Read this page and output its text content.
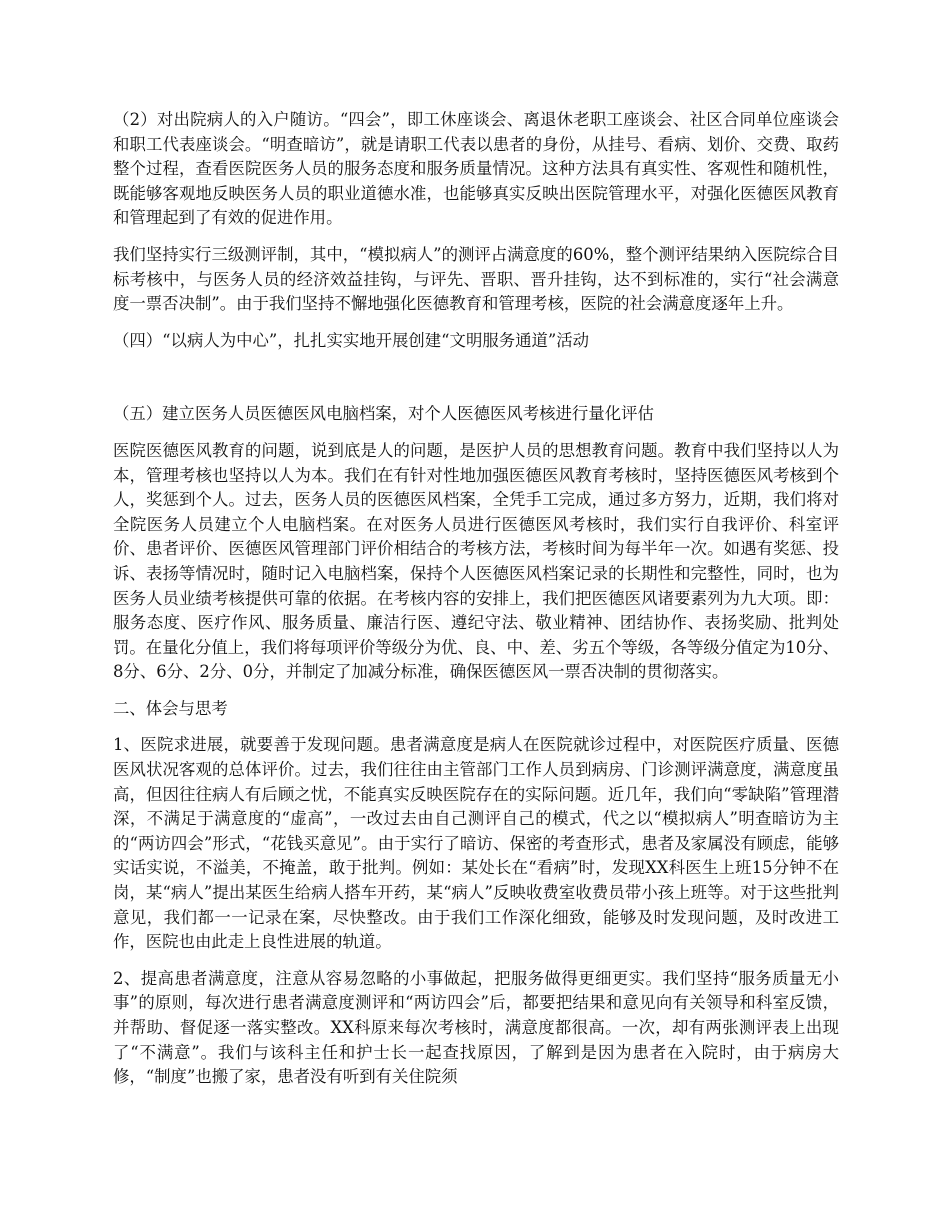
（2）对出院病人的入户随访。“四会”，即工休座谈会、离退休老职工座谈会、社区合同单位座谈会和职工代表座谈会。“明查暗访”，就是请职工代表以患者的身份，从挂号、看病、划价、交费、取药整个过程，查看医院医务人员的服务态度和服务质量情况。这种方法具有真实性、客观性和随机性，既能够客观地反映医务人员的职业道德水准，也能够真实反映出医院管理水平，对强化医德医风教育和管理起到了有效的促进作用。

我们坚持实行三级测评制，其中，“模拟病人”的测评占满意度的60%，整个测评结果纳入医院综合目标考核中，与医务人员的经济效益挂钩，与评先、晋职、晋升挂钩，达不到标准的，实行“社会满意度一票否决制”。由于我们坚持不懈地强化医德教育和管理考核，医院的社会满意度逐年上升。

（四）“以病人为中心”，扎扎实实地开展创建“文明服务通道”活动

（五）建立医务人员医德医风电脑档案，对个人医德医风考核进行量化评估

医院医德医风教育的问题，说到底是人的问题，是医护人员的思想教育问题。教育中我们坚持以人为本，管理考核也坚持以人为本。我们在有针对性地加强医德医风教育考核时，坚持医德医风考核到个人，奖惩到个人。过去，医务人员的医德医风档案，全凭手工完成，通过多方努力，近期，我们将对全院医务人员建立个人电脑档案。在对医务人员进行医德医风考核时，我们实行自我评价、科室评价、患者评价、医德医风管理部门评价相结合的考核方法，考核时间为每半年一次。如遇有奖惩、投诉、表扬等情况时，随时记入电脑档案，保持个人医德医风档案记录的长期性和完整性，同时，也为医务人员业绩考核提供可靠的依据。在考核内容的安排上，我们把医德医风诸要素列为九大项。即：服务态度、医疗作风、服务质量、廉洁行医、遵纪守法、敬业精神、团结协作、表扬奖励、批判处罚。在量化分值上，我们将每项评价等级分为优、良、中、差、劣五个等级，各等级分值定为10分、8分、6分、2分、0分，并制定了加减分标准，确保医德医风一票否决制的贯彻落实。

二、体会与思考

1、医院求进展，就要善于发现问题。患者满意度是病人在医院就诊过程中，对医院医疗质量、医德医风状况客观的总体评价。过去，我们往往由主管部门工作人员到病房、门诊测评满意度，满意度虽高，但因往往病人有后顾之忧，不能真实反映医院存在的实际问题。近几年，我们向“零缺陷”管理潜深，不满足于满意度的“虚高”，一改过去由自己测评自己的模式，代之以“模拟病人”明查暗访为主的“两访四会”形式，“花钱买意见”。由于实行了暗访、保密的考查形式，患者及家属没有顾虑，能够实话实说，不溢美，不掩盖，敢于批判。例如：某处长在“看病”时，发现XX科医生上班15分钟不在岗，某“病人”提出某医生给病人搭车开药，某“病人”反映收费室收费员带小孩上班等。对于这些批判意见，我们都一一记录在案，尽快整改。由于我们工作深化细致，能够及时发现问题，及时改进工作，医院也由此走上良性进展的轨道。

2、提高患者满意度，注意从容易忽略的小事做起，把服务做得更细更实。我们坚持“服务质量无小事”的原则，每次进行患者满意度测评和“两访四会”后，都要把结果和意见向有关领导和科室反馈，并帮助、督促逐一落实整改。XX科原来每次考核时，满意度都很高。一次，却有两张测评表上出现了“不满意”。我们与该科主任和护士长一起查找原因，了解到是因为患者在入院时，由于病房大修，“制度”也搬了家，患者没有听到有关住院须
